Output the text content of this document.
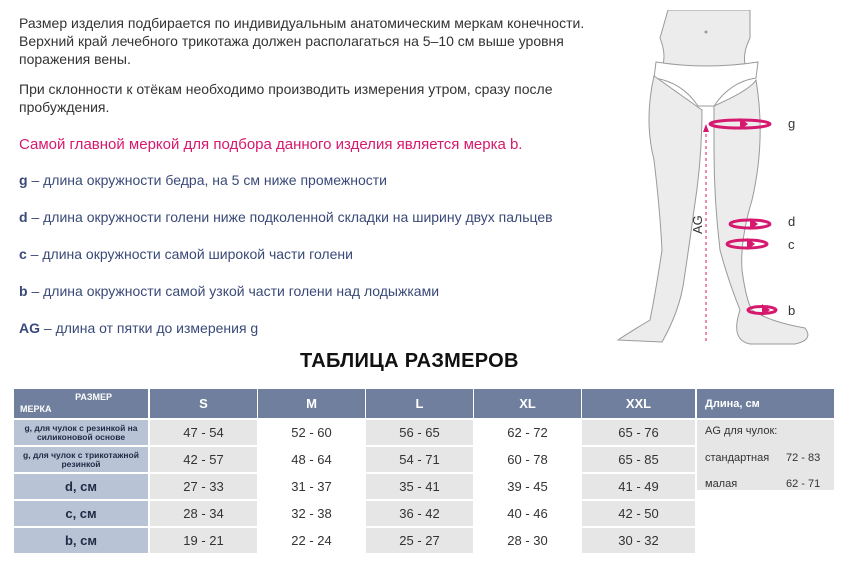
Размер изделия подбирается по индивидуальным анатомическим меркам конечности. Верхний край лечебного трикотажа должен располагаться на 5–10 см выше уровня поражения вены.

При склонности к отёкам необходимо производить измерения утром, сразу после пробуждения.

Самой главной меркой для подбора данного изделия является мерка b.
g – длина окружности бедра, на 5 см ниже промежности
d – длина окружности голени ниже подколенной складки на ширину двух пальцев
c – длина окружности самой широкой части голени
b – длина окружности самой узкой части голени над лодыжками
AG – длина от пятки до измерения g
g
d
c
b
AG
ТАБЛИЦА РАЗМЕРОВ
РАЗМЕР
МЕРКА	S	M	L	XL	XXL
g, для чулок с резинкой на силиконовой основе	47 - 54	52 - 60	56 - 65	62 - 72	65 - 76
g, для чулок с трикотажной резинкой	42 - 57	48 - 64	54 - 71	60 - 78	65 - 85
d, см	27 - 33	31 - 37	35 - 41	39 - 45	41 - 49
c, см	28 - 34	32 - 38	36 - 42	40 - 46	42 - 50
b, см	19 - 21	22 - 24	25 - 27	28 - 30	30 - 32
Длина, см
AG для чулок:
стандартная 72 - 83
малая	62 - 71
